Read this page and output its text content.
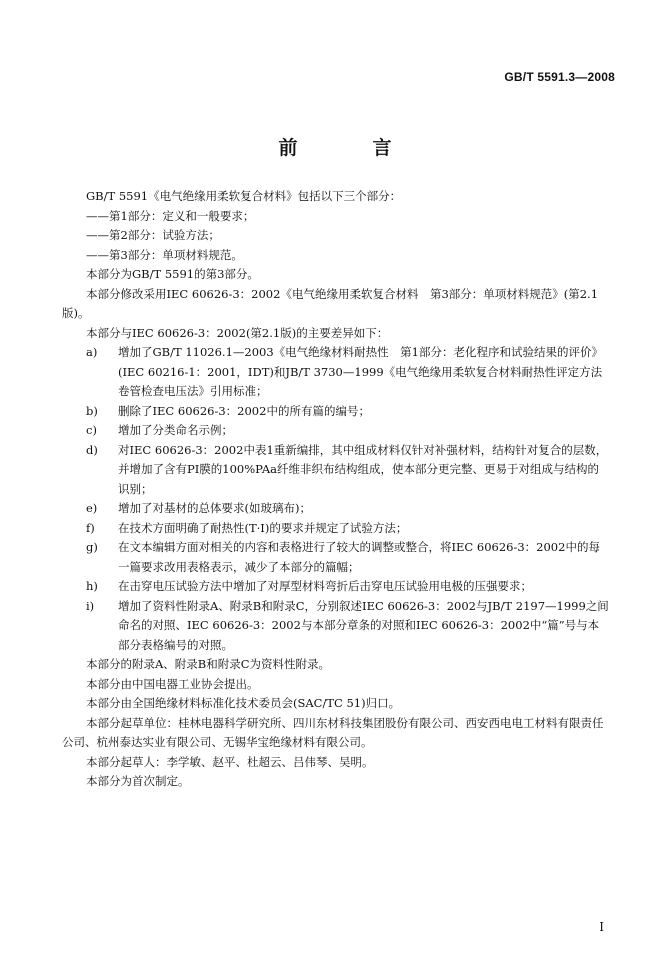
GB/T 5591.3—2008
前　言

GB/T 5591《电气绝缘用柔软复合材料》包括以下三个部分：

——第1部分：定义和一般要求；

——第2部分：试验方法；

——第3部分：单项材料规范。

本部分为GB/T 5591的第3部分。

本部分修改采用IEC 60626-3：2002《电气绝缘用柔软复合材料　第3部分：单项材料规范》(第2.1版)。

本部分与IEC 60626-3：2002(第2.1版)的主要差异如下：

a)	增加了GB/T 11026.1—2003《电气绝缘材料耐热性　第1部分：老化程序和试验结果的评价》(IEC 60216-1：2001，IDT)和JB/T 3730—1999《电气绝缘用柔软复合材料耐热性评定方法　卷管检查电压法》引用标准；
b)	删除了IEC 60626-3：2002中的所有篇的编号；
c)	增加了分类命名示例；
d)	对IEC 60626-3：2002中表1重新编排，其中组成材料仅针对补强材料，结构针对复合的层数，并增加了含有PI膜的100%PAa纤维非织布结构组成，使本部分更完整、更易于对组成与结构的识别；
e)	增加了对基材的总体要求(如玻璃布)；
f)	在技术方面明确了耐热性(T·I)的要求并规定了试验方法；
g)	在文本编辑方面对相关的内容和表格进行了较大的调整或整合，将IEC 60626-3：2002中的每一篇要求改用表格表示，减少了本部分的篇幅；
h)	在击穿电压试验方法中增加了对厚型材料弯折后击穿电压试验用电极的压强要求；
i)	增加了资料性附录A、附录B和附录C，分别叙述IEC 60626-3：2002与JB/T 2197—1999之间命名的对照、IEC 60626-3：2002与本部分章条的对照和IEC 60626-3：2002中“篇”号与本部分表格编号的对照。

本部分的附录A、附录B和附录C为资料性附录。

本部分由中国电器工业协会提出。

本部分由全国绝缘材料标准化技术委员会(SAC/TC 51)归口。

本部分起草单位：桂林电器科学研究所、四川东材科技集团股份有限公司、西安西电电工材料有限责任公司、杭州泰达实业有限公司、无锡华宝绝缘材料有限公司。

本部分起草人：李学敏、赵平、杜超云、吕伟琴、吴明。

本部分为首次制定。

I
